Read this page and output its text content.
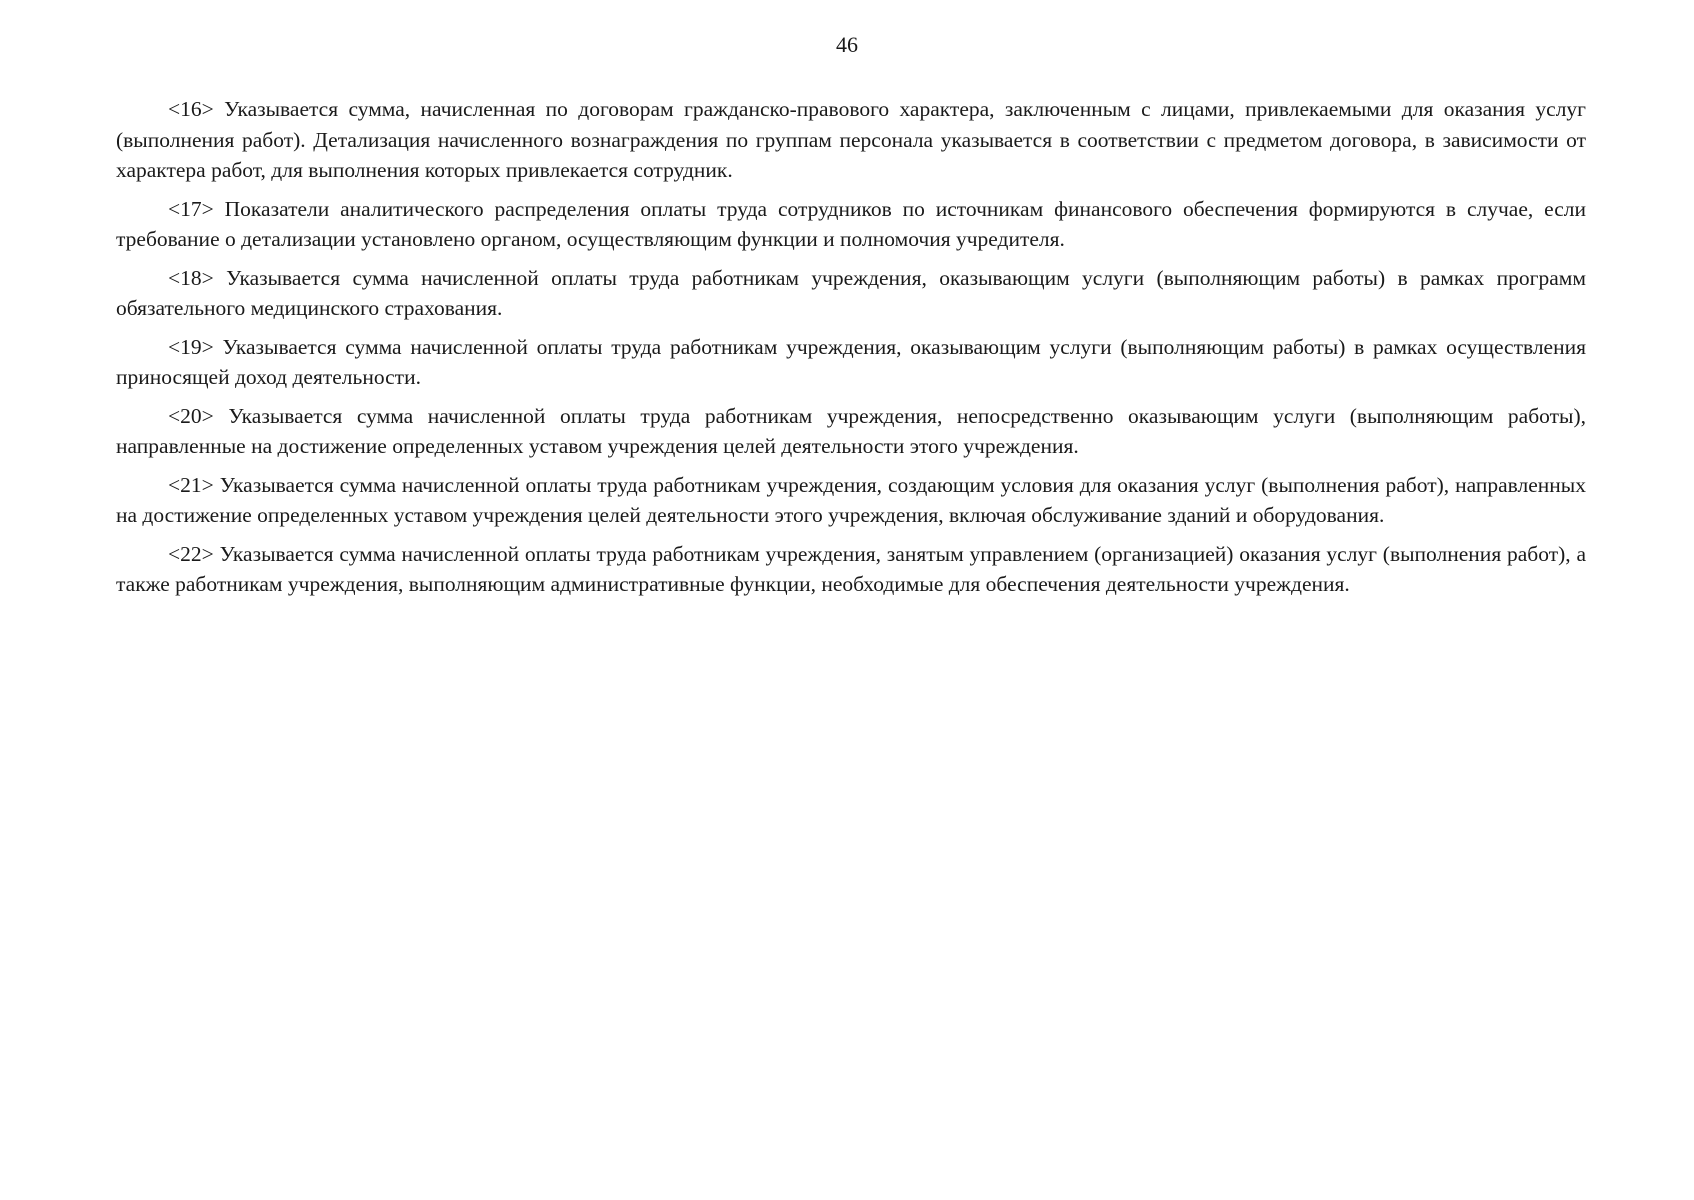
46

<16> Указывается сумма, начисленная по договорам гражданско-правового характера, заключенным с лицами, привлекаемыми для оказания услуг (выполнения работ). Детализация начисленного вознаграждения по группам персонала указывается в соответствии с предметом договора, в зависимости от характера работ, для выполнения которых привлекается сотрудник.

<17> Показатели аналитического распределения оплаты труда сотрудников по источникам финансового обеспечения формируются в случае, если требование о детализации установлено органом, осуществляющим функции и полномочия учредителя.

<18> Указывается сумма начисленной оплаты труда работникам учреждения, оказывающим услуги (выполняющим работы) в рамках программ обязательного медицинского страхования.

<19> Указывается сумма начисленной оплаты труда работникам учреждения, оказывающим услуги (выполняющим работы) в рамках осуществления приносящей доход деятельности.

<20> Указывается сумма начисленной оплаты труда работникам учреждения, непосредственно оказывающим услуги (выполняющим работы), направленные на достижение определенных уставом учреждения целей деятельности этого учреждения.

<21> Указывается сумма начисленной оплаты труда работникам учреждения, создающим условия для оказания услуг (выполнения работ), направленных на достижение определенных уставом учреждения целей деятельности этого учреждения, включая обслуживание зданий и оборудования.

<22> Указывается сумма начисленной оплаты труда работникам учреждения, занятым управлением (организацией) оказания услуг (выполнения работ), а также работникам учреждения, выполняющим административные функции, необходимые для обеспечения деятельности учреждения.
